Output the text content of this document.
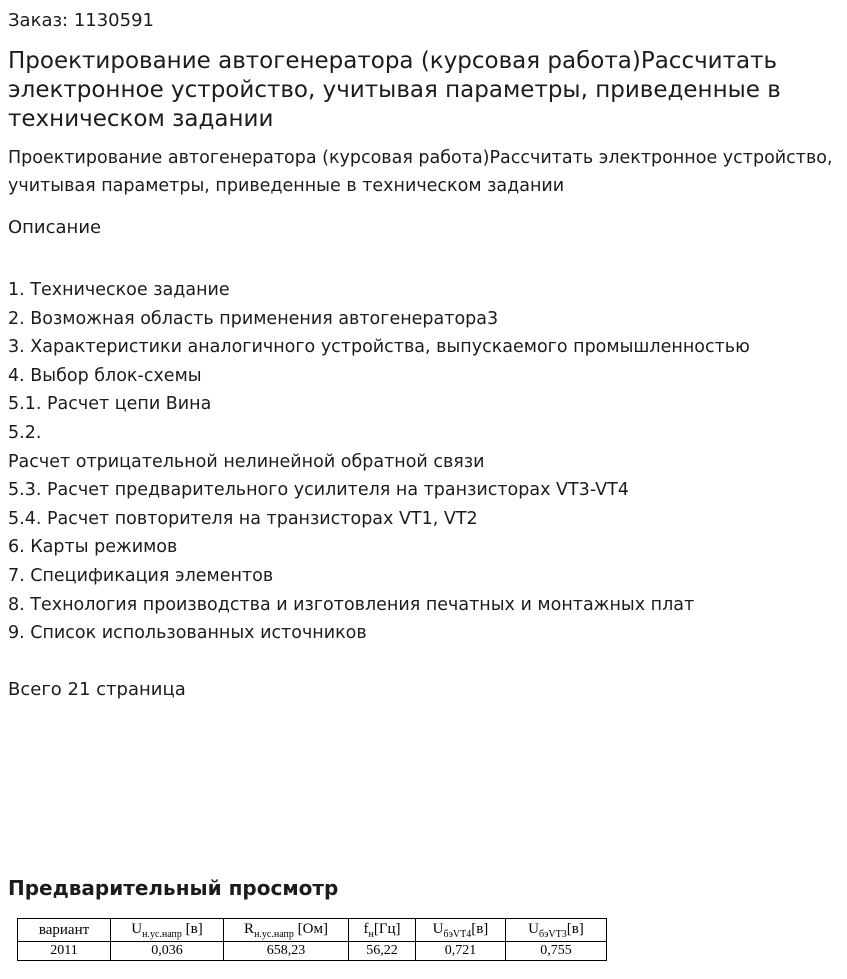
Заказ: 1130591
Проектирование автогенератора (курсовая работа)Рассчитать электронное устройство, учитывая параметры, приведенные в техническом задании

Проектирование автогенератора (курсовая работа)Рассчитать электронное устройство, учитывая параметры, приведенные в техническом задании

Описание

1. Техническое задание
2. Возможная область применения автогенератора3
3. Характеристики аналогичного устройства, выпускаемого промышленностью
4. Выбор блок-схемы
5.1. Расчет цепи Вина
5.2.
Расчет отрицательной нелинейной обратной связи
5.3. Расчет предварительного усилителя на транзисторах VT3-VT4
5.4. Расчет повторителя на транзисторах VT1, VT2
6. Карты режимов
7. Спецификация элементов
8. Технология производства и изготовления печатных и монтажных плат
9. Список использованных источников

Всего 21 страница

Предварительный просмотр
вариант	$U_{н.ус.напр}$ [в]	$R_{н.ус.напр}$ [Ом]	$f_н[Гц]$	$U_{бэVT4}[в]$	$U_{бэVT3}[в]$
2011	0,036	658,23	56,22	0,721	0,755
